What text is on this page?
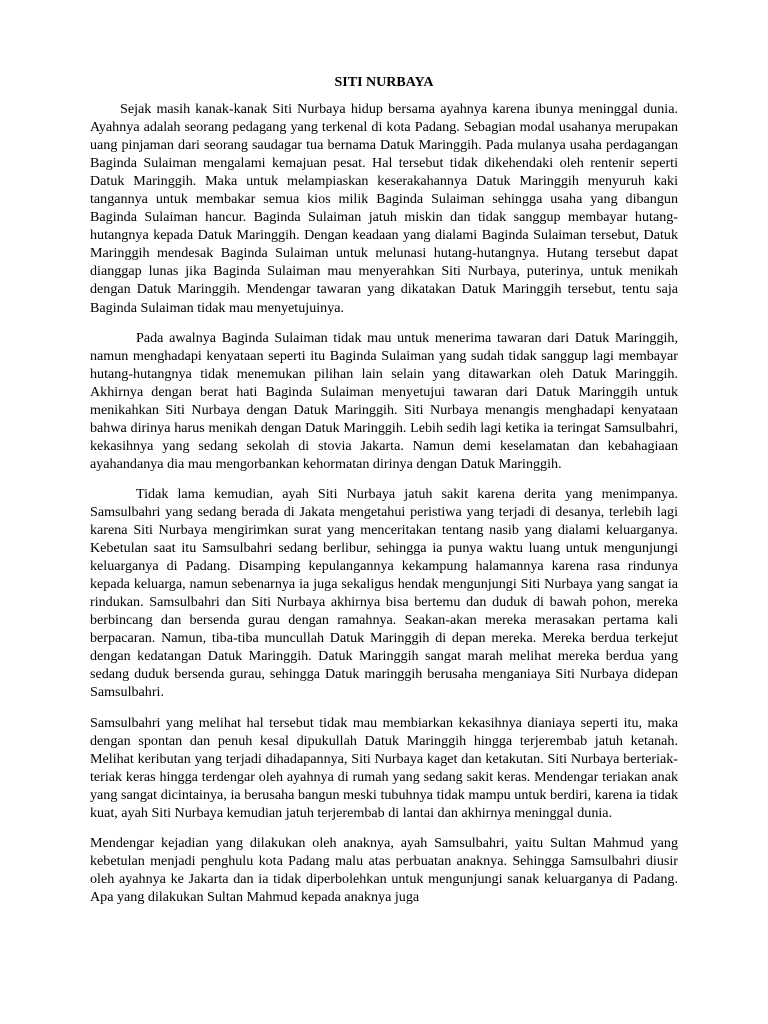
SITI NURBAYA

Sejak masih kanak-kanak Siti Nurbaya hidup bersama ayahnya karena ibunya meninggal dunia. Ayahnya adalah seorang pedagang yang terkenal di kota Padang. Sebagian modal usahanya merupakan uang pinjaman dari seorang saudagar tua bernama Datuk Maringgih. Pada mulanya usaha perdagangan Baginda Sulaiman mengalami kemajuan pesat. Hal tersebut tidak dikehendaki oleh rentenir seperti Datuk Maringgih. Maka untuk melampiaskan keserakahannya Datuk Maringgih menyuruh kaki tangannya untuk membakar semua kios milik Baginda Sulaiman sehingga usaha yang dibangun Baginda Sulaiman hancur. Baginda Sulaiman jatuh miskin dan tidak sanggup membayar hutang-hutangnya kepada Datuk Maringgih. Dengan keadaan yang dialami Baginda Sulaiman tersebut, Datuk Maringgih mendesak Baginda Sulaiman untuk melunasi hutang-hutangnya. Hutang tersebut dapat dianggap lunas jika Baginda Sulaiman mau menyerahkan Siti Nurbaya, puterinya, untuk menikah dengan Datuk Maringgih. Mendengar tawaran yang dikatakan Datuk Maringgih tersebut, tentu saja Baginda Sulaiman tidak mau menyetujuinya.

Pada awalnya Baginda Sulaiman tidak mau untuk menerima tawaran dari Datuk Maringgih, namun menghadapi kenyataan seperti itu Baginda Sulaiman yang sudah tidak sanggup lagi membayar hutang-hutangnya tidak menemukan pilihan lain selain yang ditawarkan oleh Datuk Maringgih. Akhirnya dengan berat hati Baginda Sulaiman menyetujui tawaran dari Datuk Maringgih untuk menikahkan Siti Nurbaya dengan Datuk Maringgih. Siti Nurbaya menangis menghadapi kenyataan bahwa dirinya harus menikah dengan Datuk Maringgih. Lebih sedih lagi ketika ia teringat Samsulbahri, kekasihnya yang sedang sekolah di stovia Jakarta. Namun demi keselamatan dan kebahagiaan ayahandanya dia mau mengorbankan kehormatan dirinya dengan Datuk Maringgih.

Tidak lama kemudian, ayah Siti Nurbaya jatuh sakit karena derita yang menimpanya. Samsulbahri yang sedang berada di Jakata mengetahui peristiwa yang terjadi di desanya, terlebih lagi karena Siti Nurbaya mengirimkan surat yang menceritakan tentang nasib yang dialami keluarganya. Kebetulan saat itu Samsulbahri sedang berlibur, sehingga ia punya waktu luang untuk mengunjungi keluarganya di Padang. Disamping kepulangannya kekampung halamannya karena rasa rindunya kepada keluarga, namun sebenarnya ia juga sekaligus hendak mengunjungi Siti Nurbaya yang sangat ia rindukan. Samsulbahri dan Siti Nurbaya akhirnya bisa bertemu dan duduk di bawah pohon, mereka berbincang dan bersenda gurau dengan ramahnya. Seakan-akan mereka merasakan pertama kali berpacaran. Namun, tiba-tiba muncullah Datuk Maringgih di depan mereka. Mereka berdua terkejut dengan kedatangan Datuk Maringgih. Datuk Maringgih sangat marah melihat mereka berdua yang sedang duduk bersenda gurau, sehingga Datuk maringgih berusaha menganiaya Siti Nurbaya didepan Samsulbahri.

Samsulbahri yang melihat hal tersebut tidak mau membiarkan kekasihnya dianiaya seperti itu, maka dengan spontan dan penuh kesal dipukullah Datuk Maringgih hingga terjerembab jatuh ketanah. Melihat keributan yang terjadi dihadapannya, Siti Nurbaya kaget dan ketakutan. Siti Nurbaya berteriak-teriak keras hingga terdengar oleh ayahnya di rumah yang sedang sakit keras. Mendengar teriakan anak yang sangat dicintainya, ia berusaha bangun meski tubuhnya tidak mampu untuk berdiri, karena ia tidak kuat, ayah Siti Nurbaya kemudian jatuh terjerembab di lantai dan akhirnya meninggal dunia.

Mendengar kejadian yang dilakukan oleh anaknya, ayah Samsulbahri, yaitu Sultan Mahmud yang kebetulan menjadi penghulu kota Padang malu atas perbuatan anaknya. Sehingga Samsulbahri diusir oleh ayahnya ke Jakarta dan ia tidak diperbolehkan untuk mengunjungi sanak keluarganya di Padang. Apa yang dilakukan Sultan Mahmud kepada anaknya juga
